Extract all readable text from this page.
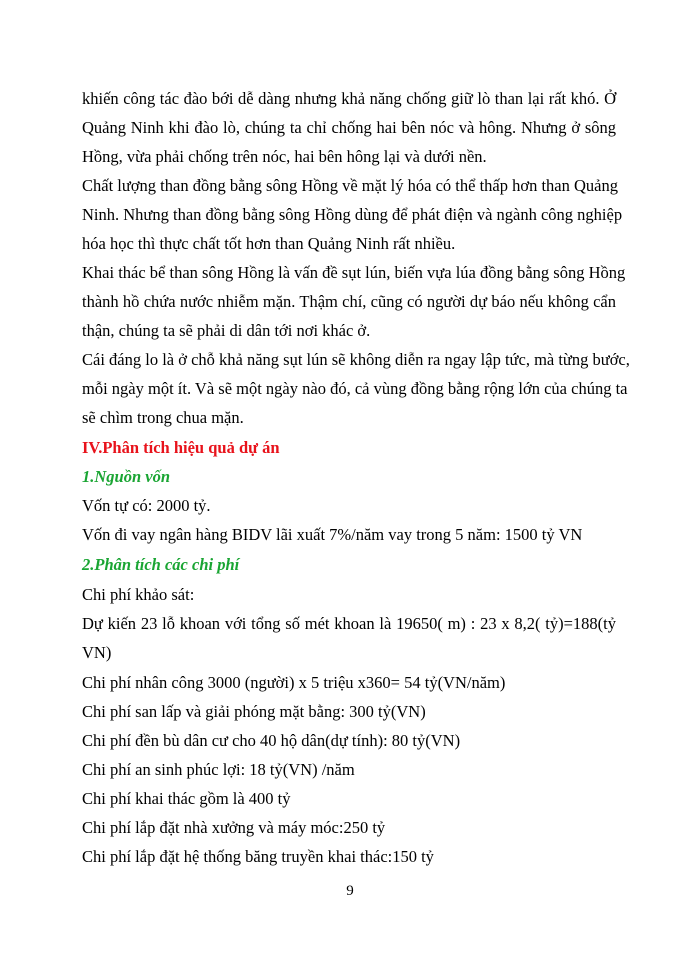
khiến công tác đào bới dễ dàng nhưng khả năng chống giữ lò than lại rất khó. Ở
Quảng Ninh khi đào lò, chúng ta chỉ chống hai bên nóc và hông. Nhưng ở sông
Hồng, vừa phải chống trên nóc, hai bên hông lại và dưới nền.
Chất lượng than đồng bằng sông Hồng về mặt lý hóa có thể thấp hơn than Quảng
Ninh. Nhưng than đồng bằng sông Hồng dùng để phát điện và ngành công nghiệp
hóa học thì thực chất tốt hơn than Quảng Ninh rất nhiều.
Khai thác bể than sông Hồng là vấn đề sụt lún, biến vựa lúa đồng bằng sông Hồng
thành hồ chứa nước nhiễm mặn. Thậm chí, cũng có người dự báo nếu không cẩn
thận, chúng ta sẽ phải di dân tới nơi khác ở.
Cái đáng lo là ở chỗ khả năng sụt lún sẽ không diễn ra ngay lập tức, mà từng bước,
mỗi ngày một ít. Và sẽ một ngày nào đó, cả vùng đồng bằng rộng lớn của chúng ta
sẽ chìm trong chua mặn.
IV.Phân tích hiệu quả dự án
1.Nguồn vốn
Vốn tự có: 2000 tỷ.
Vốn đi vay ngân hàng BIDV lãi xuất 7%/năm vay trong 5 năm: 1500 tỷ VN
2.Phân tích các chi phí
Chi phí khảo sát:
Dự kiến 23 lỗ khoan với tổng số mét khoan là 19650( m) : 23 x 8,2( tỷ)=188(tỷ
VN)
Chi phí nhân công 3000 (người) x 5 triệu x360= 54 tỷ(VN/năm)
Chi phí san lấp và giải phóng mặt bằng: 300 tỷ(VN)
Chi phí đền bù dân cư cho 40 hộ dân(dự tính): 80 tỷ(VN)
Chi phí an sinh phúc lợi: 18 tỷ(VN) /năm
Chi phí khai thác gồm là 400 tỷ
Chi phí lắp đặt nhà xưởng và máy móc:250 tỷ
Chi phí lắp đặt hệ thống băng truyền khai thác:150 tỷ
9
